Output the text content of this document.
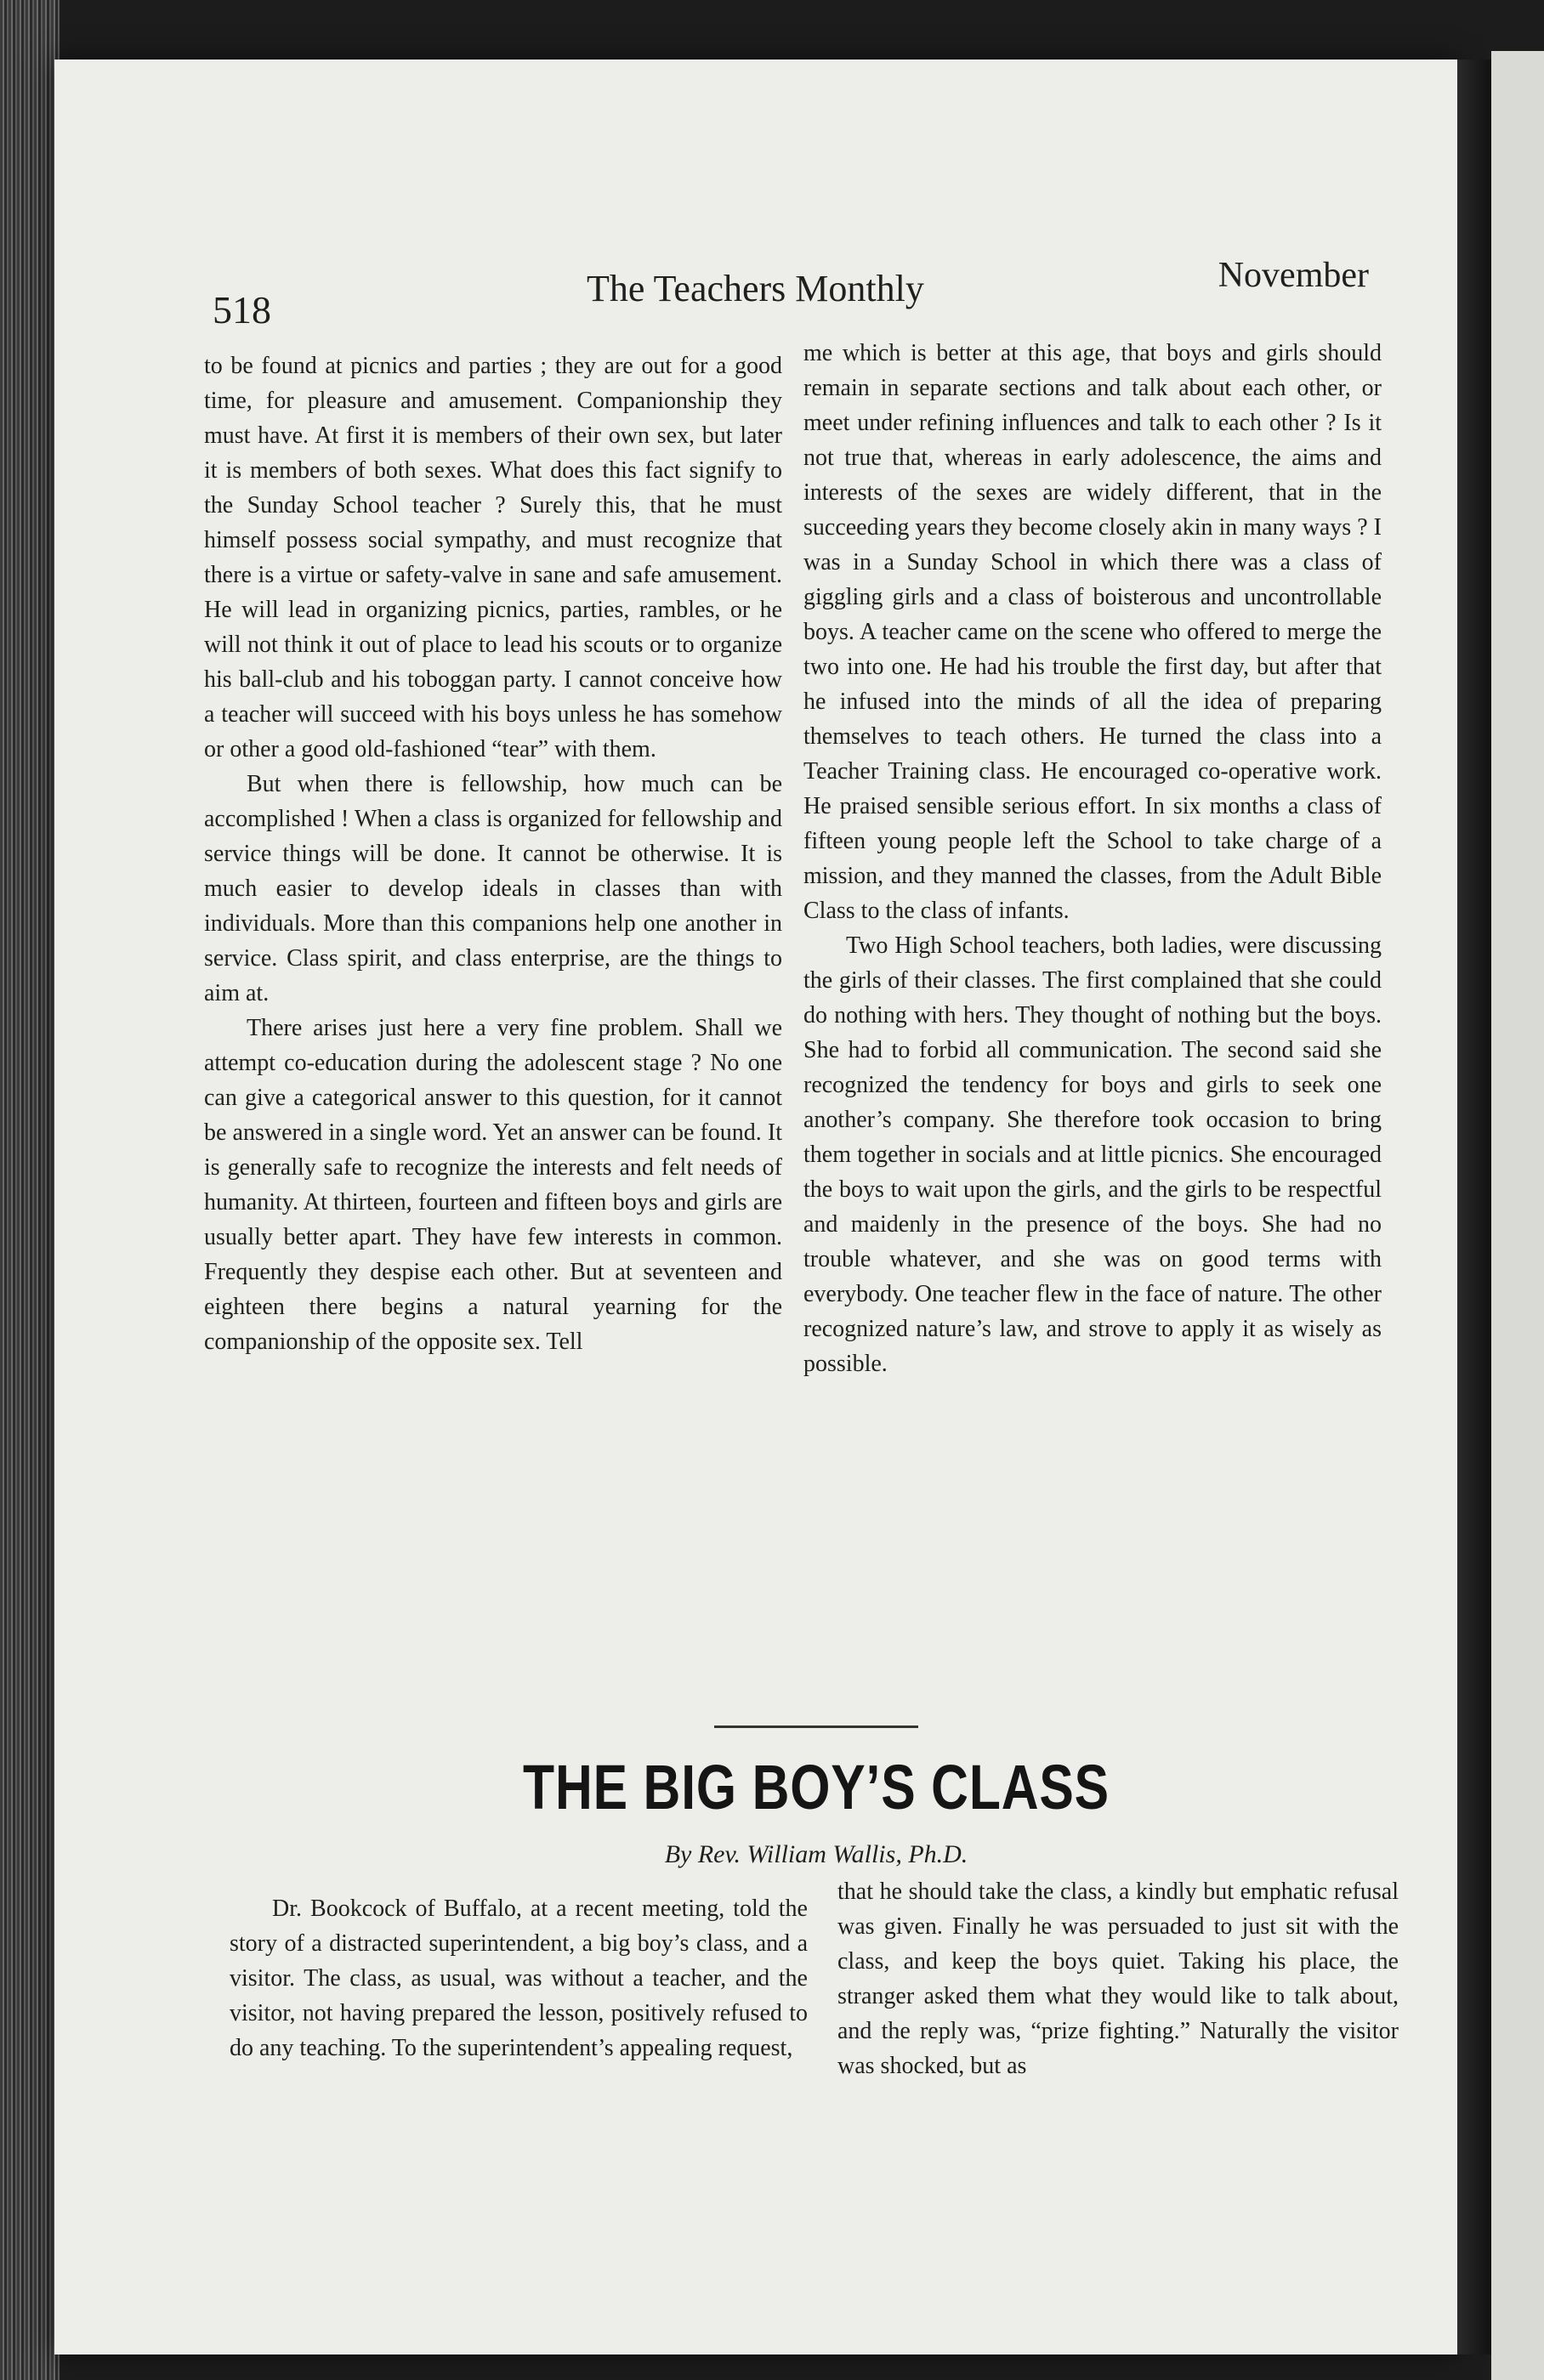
518	The Teachers Monthly	November

to be found at picnics and parties ; they are out for a good time, for pleasure and amusement. Companionship they must have. At first it is members of their own sex, but later it is members of both sexes. What does this fact signify to the Sunday School teacher ? Surely this, that he must himself possess social sympathy, and must recognize that there is a virtue or safety-valve in sane and safe amusement. He will lead in organizing picnics, parties, rambles, or he will not think it out of place to lead his scouts or to organize his ball-club and his toboggan party. I cannot conceive how a teacher will succeed with his boys unless he has somehow or other a good old-fashioned “tear” with them.

But when there is fellowship, how much can be accomplished ! When a class is organized for fellowship and service things will be done. It cannot be otherwise. It is much easier to develop ideals in classes than with individuals. More than this companions help one another in service. Class spirit, and class enterprise, are the things to aim at.

There arises just here a very fine problem. Shall we attempt co-education during the adolescent stage ? No one can give a categorical answer to this question, for it cannot be answered in a single word. Yet an answer can be found. It is generally safe to recognize the interests and felt needs of humanity. At thirteen, fourteen and fifteen boys and girls are usually better apart. They have few interests in common. Frequently they despise each other. But at seventeen and eighteen there begins a natural yearning for the companionship of the opposite sex. Tell

me which is better at this age, that boys and girls should remain in separate sections and talk about each other, or meet under refining influences and talk to each other ? Is it not true that, whereas in early adolescence, the aims and interests of the sexes are widely different, that in the succeeding years they become closely akin in many ways ? I was in a Sunday School in which there was a class of giggling girls and a class of boisterous and uncontrollable boys. A teacher came on the scene who offered to merge the two into one. He had his trouble the first day, but after that he infused into the minds of all the idea of preparing themselves to teach others. He turned the class into a Teacher Training class. He encouraged co-operative work. He praised sensible serious effort. In six months a class of fifteen young people left the School to take charge of a mission, and they manned the classes, from the Adult Bible Class to the class of infants.

Two High School teachers, both ladies, were discussing the girls of their classes. The first complained that she could do nothing with hers. They thought of nothing but the boys. She had to forbid all communication. The second said she recognized the tendency for boys and girls to seek one another’s company. She therefore took occasion to bring them together in socials and at little picnics. She encouraged the boys to wait upon the girls, and the girls to be respectful and maidenly in the presence of the boys. She had no trouble whatever, and she was on good terms with everybody. One teacher flew in the face of nature. The other recognized nature’s law, and strove to apply it as wisely as possible.

THE BIG BOY’S CLASS
By Rev. William Wallis, Ph.D.

Dr. Bookcock of Buffalo, at a recent meeting, told the story of a distracted superintendent, a big boy’s class, and a visitor. The class, as usual, was without a teacher, and the visitor, not having prepared the lesson, positively refused to do any teaching. To the superintendent’s appealing request,

that he should take the class, a kindly but emphatic refusal was given. Finally he was persuaded to just sit with the class, and keep the boys quiet. Taking his place, the stranger asked them what they would like to talk about, and the reply was, “prize fighting.” Naturally the visitor was shocked, but as
